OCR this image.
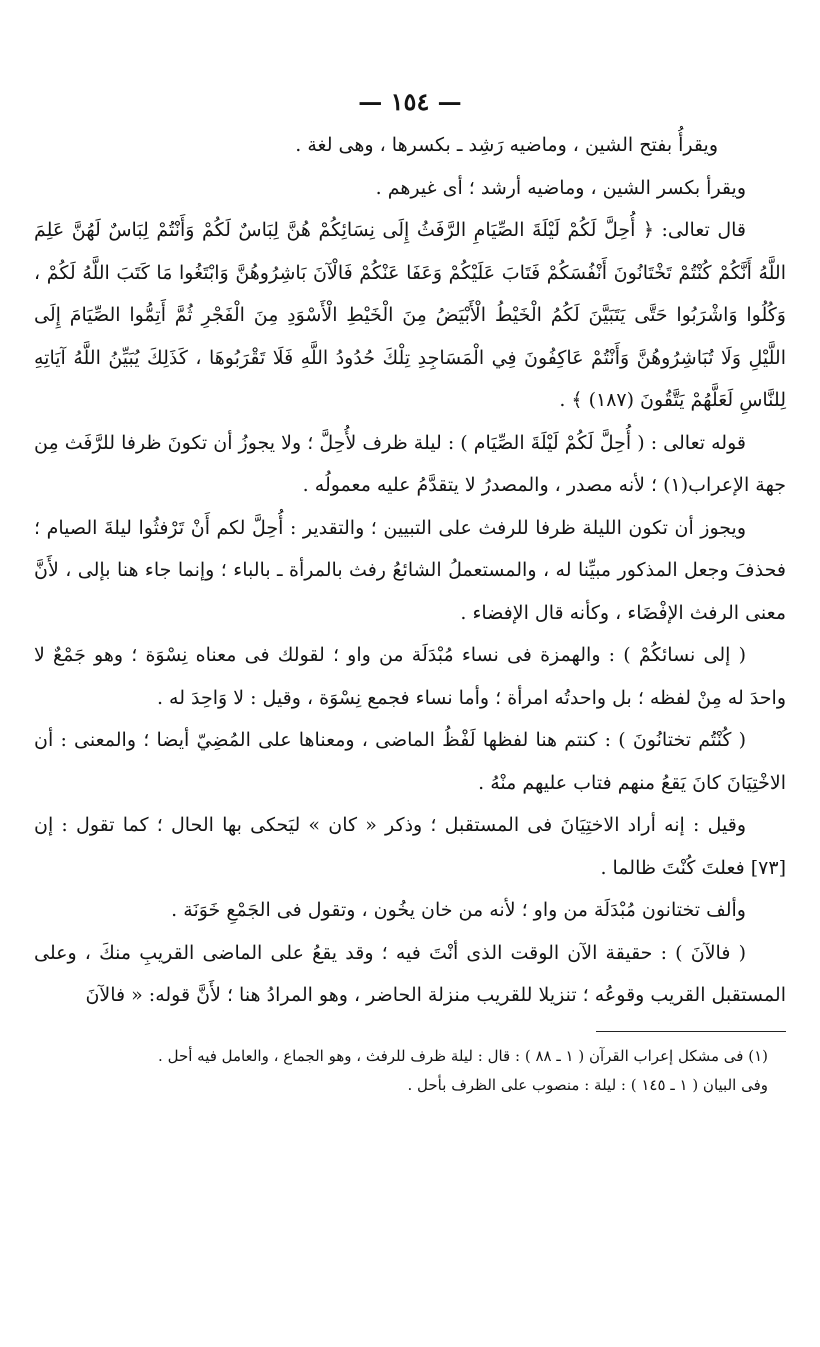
— ١٥٤ —

ويقرأُ بفتح الشين ، وماضيه رَشِد ـ بكسرها ، وهى لغة .

ويقرأ بكسر الشين ، وماضيه أرشد ؛ أى غيرهم .

قال تعالى: ﴿ أُحِلَّ لَكُمْ لَيْلَةَ الصِّيَامِ الرَّفَثُ إِلَى نِسَائِكُمْ هُنَّ لِبَاسٌ لَكُمْ وَأَنْتُمْ لِبَاسٌ لَهُنَّ عَلِمَ اللَّهُ أَنَّكُمْ كُنْتُمْ تَخْتَانُونَ أَنْفُسَكُمْ فَتَابَ عَلَيْكُمْ وَعَفَا عَنْكُمْ فَالْآنَ بَاشِرُوهُنَّ وَابْتَغُوا مَا كَتَبَ اللَّهُ لَكُمْ ، وَكُلُوا وَاشْرَبُوا حَتَّى يَتَبَيَّنَ لَكُمُ الْخَيْطُ الْأَبْيَضُ مِنَ الْخَيْطِ الْأَسْوَدِ مِنَ الْفَجْرِ ثُمَّ أَتِمُّوا الصِّيَامَ إِلَى اللَّيْلِ وَلَا تُبَاشِرُوهُنَّ وَأَنْتُمْ عَاكِفُونَ فِي الْمَسَاجِدِ تِلْكَ حُدُودُ اللَّهِ فَلَا تَقْرَبُوهَا ، كَذَلِكَ يُبَيِّنُ اللَّهُ آيَاتِهِ لِلنَّاسِ لَعَلَّهُمْ يَتَّقُونَ (١٨٧) ﴾ .

قوله تعالى : ( أُحِلَّ لَكُمْ لَيْلَةَ الصِّيَام ) : ليلة ظرف لأُحِلَّ ؛ ولا يجوزُ أن تكونَ ظرفا للرَّفَث مِن جهة الإعراب(١) ؛ لأنه مصدر ، والمصدرُ لا يتقدَّمُ عليه معمولُه .

ويجوز أن تكون الليلة ظرفا للرفث على التبيين ؛ والتقدير : أُحِلَّ لكم أَنْ تَرْفثُوا ليلةَ الصيام ؛ فحذفَ وجعل المذكور مبيِّنا له ، والمستعملُ الشائعُ رفث بالمرأة ـ بالباء ؛ وإنما جاء هنا بإلى ، لأَنَّ معنى الرفث الإفْضَاء ، وكأنه قال الإفضاء .

( إلى نسائكُمْ ) : والهمزة فى نساء مُبْدَلَة من واو ؛ لقولك فى معناه نِسْوَة ؛ وهو جَمْعٌ لا واحدَ له مِنْ لفظه ؛ بل واحدتُه امرأة ؛ وأما نساء فجمع نِسْوَة ، وقيل : لا وَاحِدَ له .

( كُنْتُم تختانُونَ ) : كنتم هنا لفظها لَفْظُ الماضى ، ومعناها على المُضِيّ أيضا ؛ والمعنى : أن الاخْتِيَانَ كانَ يَقعُ منهم فتاب عليهم منْهُ .

وقيل : إنه أراد الاختِيَانَ فى المستقبل ؛ وذكر « كان » ليَحكى بها الحال ؛ كما تقول : إن [٧٣] فعلتَ كُنْتَ ظالما .

وألف تختانون مُبْدَلَة من واو ؛ لأنه من خان يخُون ، وتقول فى الجَمْعِ خَوَنَة .

( فالآنَ ) : حقيقة الآن الوقت الذى أنْتَ فيه ؛ وقد يقعُ على الماضى القريبِ منكَ ، وعلى المستقبل القريب وقوعُه ؛ تنزيلا للقريب منزلة الحاضر ، وهو المرادُ هنا ؛ لأَنَّ قوله: « فالآنَ

(١) فى مشكل إعراب القرآن ( ١ ـ ٨٨ ) : قال : ليلة ظرف للرفث ، وهو الجماع ، والعامل فيه أحل .

وفى البيان ( ١ ـ ١٤٥ ) : ليلة : منصوب على الظرف بأحل .
